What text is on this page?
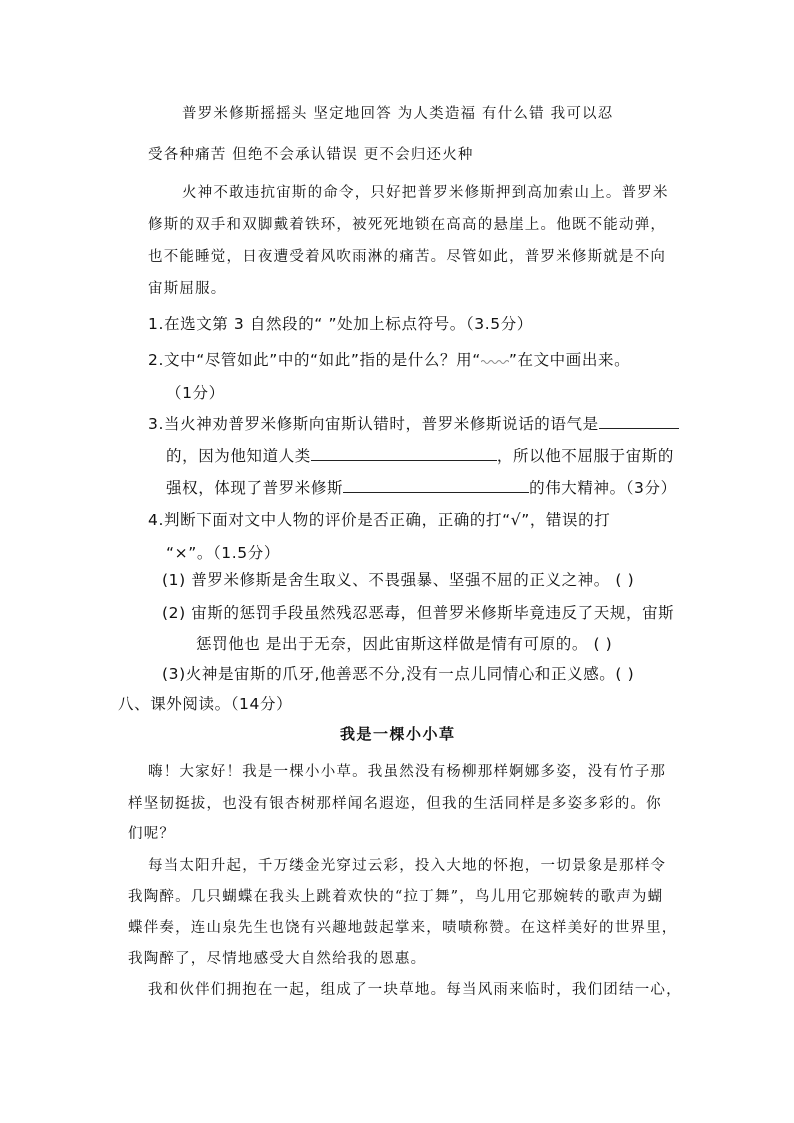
普罗米修斯摇摇头 坚定地回答 为人类造福 有什么错 我可以忍
受各种痛苦 但绝不会承认错误 更不会归还火种
火神不敢违抗宙斯的命令，只好把普罗米修斯押到高加索山上。普罗米
修斯的双手和双脚戴着铁环，被死死地锁在高高的悬崖上。他既不能动弹，
也不能睡觉，日夜遭受着风吹雨淋的痛苦。尽管如此，普罗米修斯就是不向
宙斯屈服。
1.在选文第 3 自然段的“ ”处加上标点符号。（3.5分）
2.文中“尽管如此”中的“如此”指的是什么？用“ ”在文中画出来。
（1分）
3.当火神劝普罗米修斯向宙斯认错时，普罗米修斯说话的语气是
的，因为他知道人类	，所以他不屈服于宙斯的
强权，体现了普罗米修斯	的伟大精神。（3分）
4.判断下面对文中人物的评价是否正确，正确的打“√”，错误的打
“×”。（1.5分）
(1) 普罗米修斯是舍生取义、不畏强暴、坚强不屈的正义之神。 ( )
(2) 宙斯的惩罚手段虽然残忍恶毒，但普罗米修斯毕竟违反了天规，宙斯
惩罚他也 是出于无奈，因此宙斯这样做是情有可原的。 ( )
(3)火神是宙斯的爪牙,他善恶不分,没有一点儿同情心和正义感。( )
八、课外阅读。（14分）
我是一棵小小草
嗨！大家好！我是一棵小小草。我虽然没有杨柳那样婀娜多姿，没有竹子那
样坚韧挺拔，也没有银杏树那样闻名遐迩，但我的生活同样是多姿多彩的。你
们呢？
每当太阳升起，千万缕金光穿过云彩，投入大地的怀抱，一切景象是那样令
我陶醉。几只蝴蝶在我头上跳着欢快的“拉丁舞”，鸟儿用它那婉转的歌声为蝴
蝶伴奏，连山泉先生也饶有兴趣地鼓起掌来，啧啧称赞。在这样美好的世界里，
我陶醉了，尽情地感受大自然给我的恩惠。
我和伙伴们拥抱在一起，组成了一块草地。每当风雨来临时，我们团结一心，
